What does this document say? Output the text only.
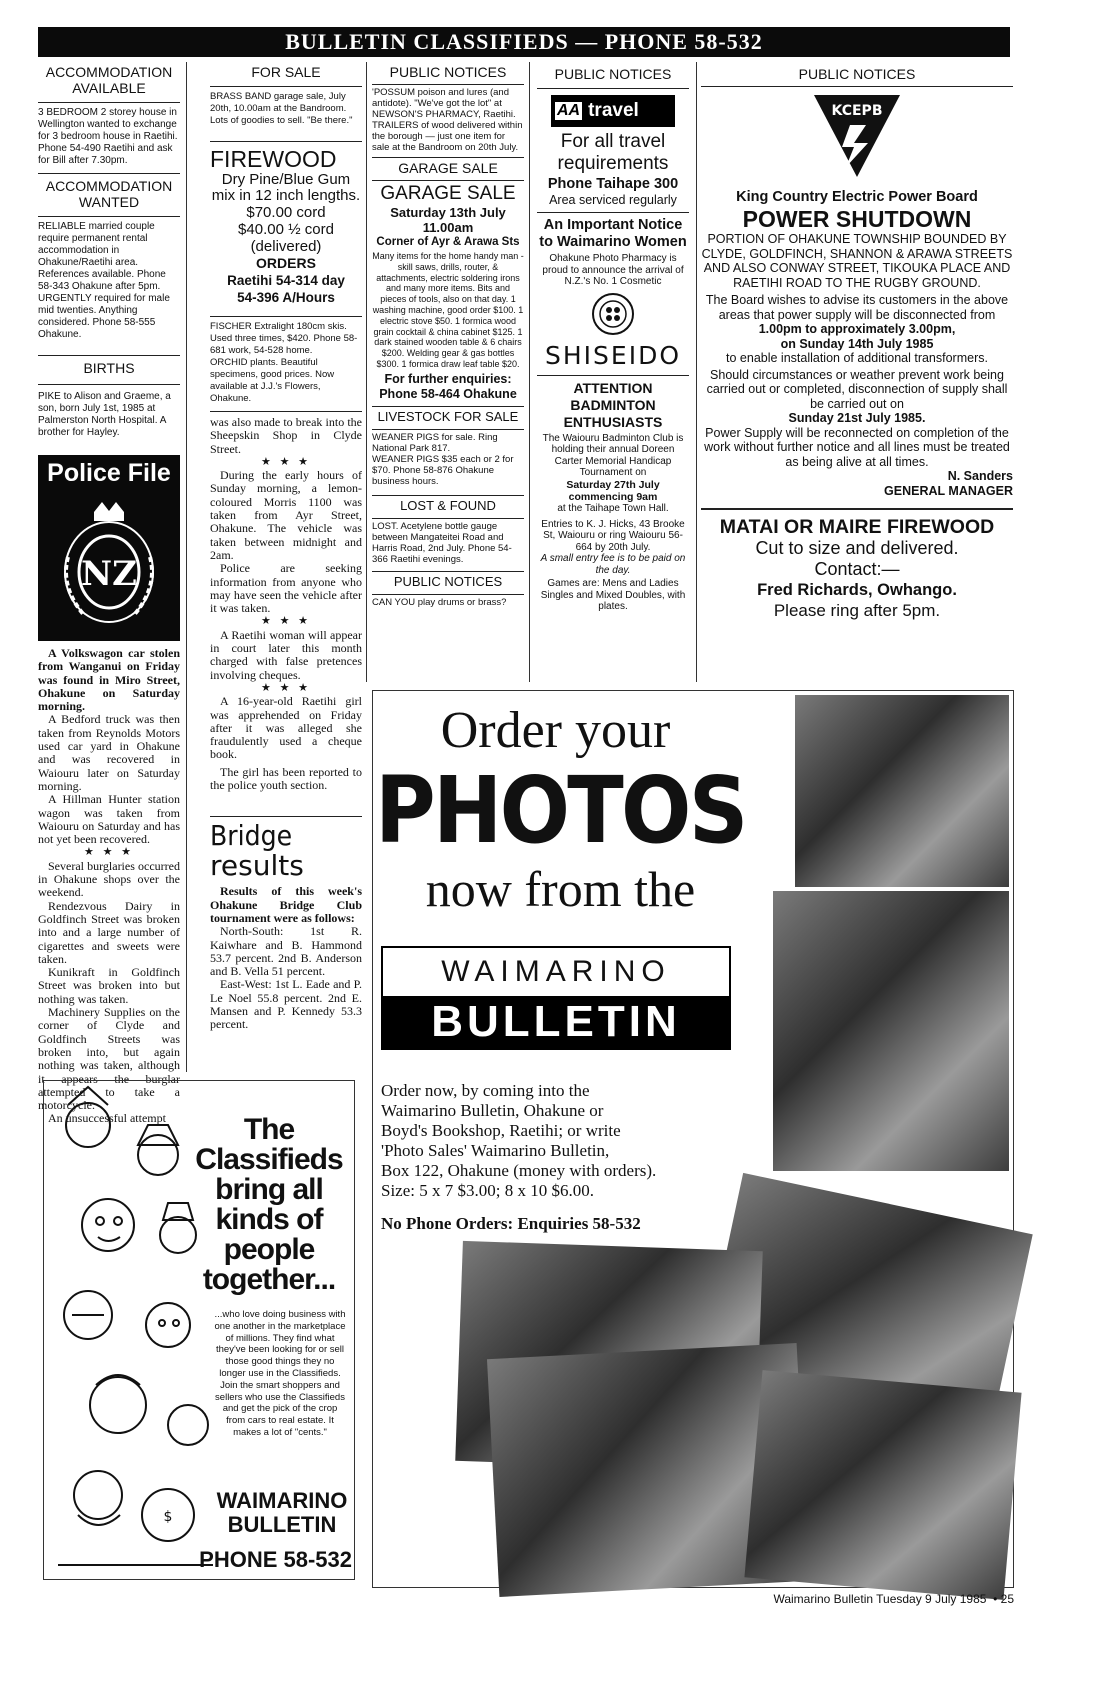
BULLETIN CLASSIFIEDS — PHONE 58-532
ACCOMMODATION AVAILABLE
3 BEDROOM 2 storey house in Wellington wanted to exchange for 3 bedroom house in Raetihi. Phone 54-490 Raetihi and ask for Bill after 7.30pm.
ACCOMMODATION WANTED
RELIABLE married couple require permanent rental accommodation in Ohakune/Raetihi area. References available. Phone 58-343 Ohakune after 5pm.
URGENTLY required for male mid twenties. Anything considered. Phone 58-555 Ohakune.
BIRTHS
PIKE to Alison and Graeme, a son, born July 1st, 1985 at Palmerston North Hospital. A brother for Hayley.
Police File
NZ

A Volkswagon car stolen from Wanganui on Friday was found in Miro Street, Ohakune on Saturday morning.

A Bedford truck was then taken from Reynolds Motors used car yard in Ohakune and was recovered in Waiouru later on Saturday morning.

A Hillman Hunter station wagon was taken from Waiouru on Saturday and has not yet been recovered.

★ ★ ★

Several burglaries occurred in Ohakune shops over the weekend.

Rendezvous Dairy in Goldfinch Street was broken into and a large number of cigarettes and sweets were taken.

Kunikraft in Goldfinch Street was broken into but nothing was taken.

Machinery Supplies on the corner of Clyde and Goldfinch Streets was broken into, but again nothing was taken, although it appears the burglar attempted to take a motorcycle.

An unsuccessful attempt

FOR SALE
BRASS BAND garage sale, July 20th, 10.00am at the Bandroom. Lots of goodies to sell. "Be there."
FIREWOOD
Dry Pine/Blue Gum mix in 12 inch lengths.
$70.00 cord
$40.00 ½ cord
(delivered)
ORDERS
Raetihi 54-314 day
54-396 A/Hours
FISCHER Extralight 180cm skis. Used three times, $420. Phone 58-681 work, 54-528 home.
ORCHID plants. Beautiful specimens, good prices. Now available at J.J.'s Flowers, Ohakune.

was also made to break into the Sheepskin Shop in Clyde Street.

★ ★ ★

During the early hours of Sunday morning, a lemon-coloured Morris 1100 was taken from Ayr Street, Ohakune. The vehicle was taken between midnight and 2am.

Police are seeking information from anyone who may have seen the vehicle after it was taken.

★ ★ ★

A Raetihi woman will appear in court later this month charged with false pretences involving cheques.

★ ★ ★

A 16-year-old Raetihi girl was apprehended on Friday after it was alleged she fraudulently used a cheque book.

The girl has been reported to the police youth section.

Bridge
results

Results of this week's Ohakune Bridge Club tournament were as follows:

North-South: 1st R. Kaiwhare and B. Hammond 53.7 percent. 2nd B. Anderson and B. Vella 51 percent.

East-West: 1st L. Eade and P. Le Noel 55.8 percent. 2nd E. Mansen and P. Kennedy 53.3 percent.

PUBLIC NOTICES
'POSSUM poison and lures (and antidote). "We've got the lot" at NEWSON'S PHARMACY, Raetihi.
TRAILERS of wood delivered within the borough — just one item for sale at the Bandroom on 20th July.
GARAGE SALE
GARAGE SALE
Saturday 13th July
11.00am
Corner of Ayr & Arawa Sts
Many items for the home handy man - skill saws, drills, router, & attachments, electric soldering irons and many more items. Bits and pieces of tools, also on that day. 1 washing machine, good order $100. 1 electric stove $50. 1 formica wood grain cocktail & china cabinet $125. 1 dark stained wooden table & 6 chairs $200. Welding gear & gas bottles $300. 1 formica draw leaf table $20.
For further enquiries:
Phone 58-464 Ohakune
LIVESTOCK FOR SALE
WEANER PIGS for sale. Ring National Park 817.
WEANER PIGS $35 each or 2 for $70. Phone 58-876 Ohakune business hours.
LOST & FOUND
LOST. Acetylene bottle gauge between Mangateitei Road and Harris Road, 2nd July. Phone 54-366 Raetihi evenings.
PUBLIC NOTICES
CAN YOU play drums or brass?
PUBLIC NOTICES
AA travel
For all travel requirements
Phone Taihape 300
Area serviced regularly
An Important Notice to Waimarino Women
Ohakune Photo Pharmacy is proud to announce the arrival of N.Z.'s No. 1 Cosmetic
SHISEIDO
ATTENTION BADMINTON ENTHUSIASTS
The Waiouru Badminton Club is holding their annual Doreen Carter Memorial Handicap Tournament on
Saturday 27th July commencing 9am
at the Taihape Town Hall.
Entries to K. J. Hicks, 43 Brooke St, Waiouru or ring Waiouru 56-664 by 20th July.
A small entry fee is to be paid on the day.
Games are: Mens and Ladies Singles and Mixed Doubles, with plates.
PUBLIC NOTICES
KCEPB
King Country Electric Power Board
POWER SHUTDOWN
PORTION OF OHAKUNE TOWNSHIP BOUNDED BY CLYDE, GOLDFINCH, SHANNON & ARAWA STREETS AND ALSO CONWAY STREET, TIKOUKA PLACE AND RAETIHI ROAD TO THE RUGBY GROUND.
The Board wishes to advise its customers in the above areas that power supply will be disconnected from
1.00pm to approximately 3.00pm,
on Sunday 14th July 1985
to enable installation of additional transformers.
Should circumstances or weather prevent work being carried out or completed, disconnection of supply shall be carried out on
Sunday 21st July 1985.
Power Supply will be reconnected on completion of the work without further notice and all lines must be treated as being alive at all times.
N. Sanders
GENERAL MANAGER
MATAI OR MAIRE FIREWOOD
Cut to size and delivered.
Contact:—
Fred Richards, Owhango.
Please ring after 5pm.
Order your
PHOTOS
now from the
WAIMARINO
BULLETIN
Order now, by coming into the
Waimarino Bulletin, Ohakune or
Boyd's Bookshop, Raetihi; or write
'Photo Sales' Waimarino Bulletin,
Box 122, Ohakune (money with orders).
Size: 5 x 7 $3.00; 8 x 10 $6.00.
No Phone Orders: Enquiries 58-532
$
The
Classifieds
bring all
kinds of
people
together...
...who love doing business with one another in the marketplace of millions. They find what they've been looking for or sell those good things they no longer use in the Classifieds. Join the smart shoppers and sellers who use the Classifieds and get the pick of the crop from cars to real estate. It makes a lot of "cents."
WAIMARINO
BULLETIN
PHONE 58-532
Waimarino Bulletin Tuesday 9 July 1985  • 25
